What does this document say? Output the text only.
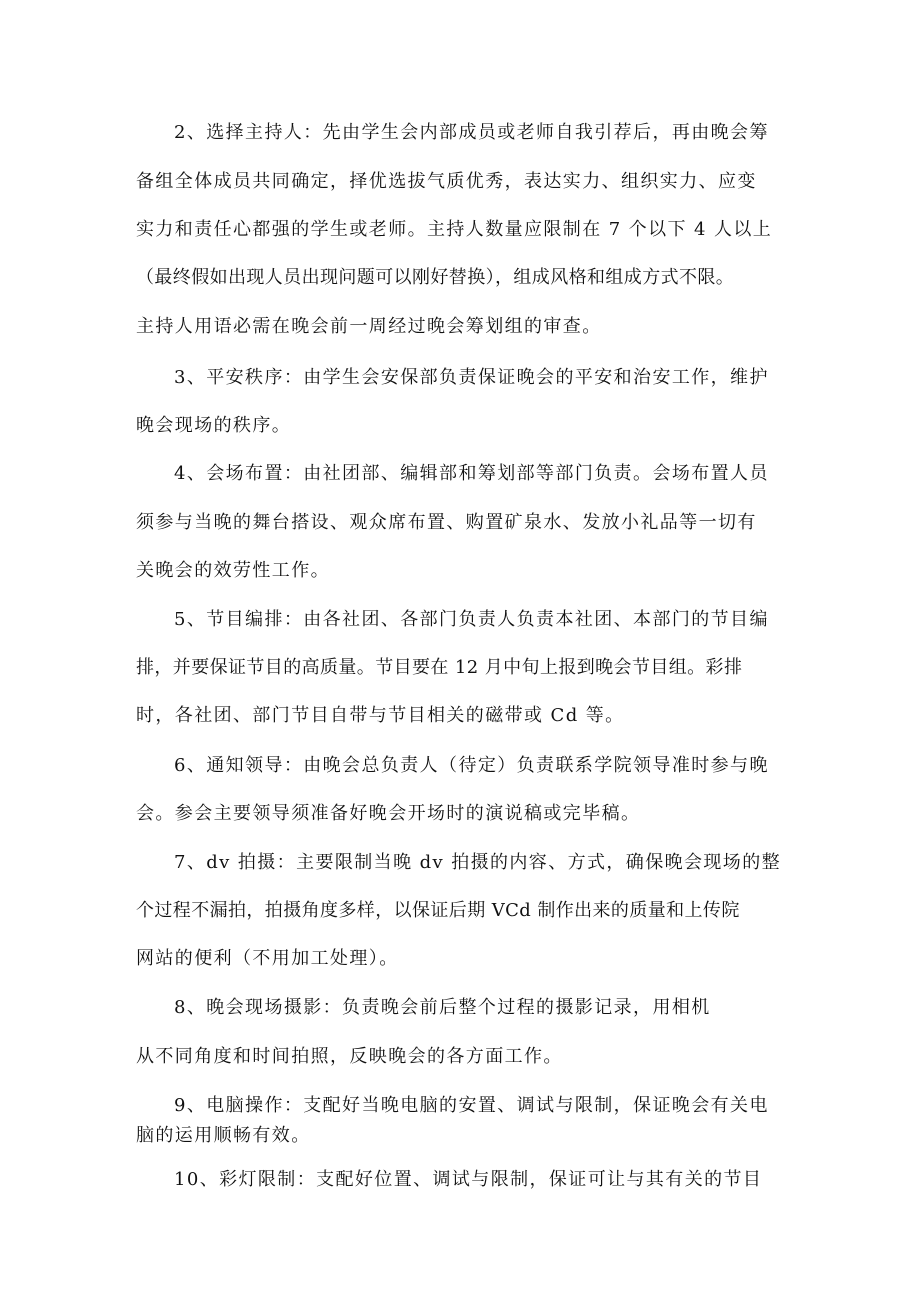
2、选择主持人：先由学生会内部成员或老师自我引荐后，再由晚会筹
备组全体成员共同确定，择优选拔气质优秀，表达实力、组织实力、应变
实力和责任心都强的学生或老师。主持人数量应限制在 7 个以下 4 人以上
（最终假如出现人员出现问题可以刚好替换），组成风格和组成方式不限。
主持人用语必需在晚会前一周经过晚会筹划组的审查。
3、平安秩序：由学生会安保部负责保证晚会的平安和治安工作，维护
晚会现场的秩序。
4、会场布置：由社团部、编辑部和筹划部等部门负责。会场布置人员
须参与当晚的舞台搭设、观众席布置、购置矿泉水、发放小礼品等一切有
关晚会的效劳性工作。
5、节目编排：由各社团、各部门负责人负责本社团、本部门的节目编
排，并要保证节目的高质量。节目要在 12 月中旬上报到晚会节目组。彩排
时，各社团、部门节目自带与节目相关的磁带或 Cd 等。
6、通知领导：由晚会总负责人（待定）负责联系学院领导准时参与晚
会。参会主要领导须准备好晚会开场时的演说稿或完毕稿。
7、dv 拍摄：主要限制当晚 dv 拍摄的内容、方式，确保晚会现场的整
个过程不漏拍，拍摄角度多样，以保证后期 VCd 制作出来的质量和上传院
网站的便利（不用加工处理）。
8、晚会现场摄影：负责晚会前后整个过程的摄影记录，用相机
从不同角度和时间拍照，反映晚会的各方面工作。
9、电脑操作：支配好当晚电脑的安置、调试与限制，保证晚会有关电
脑的运用顺畅有效。
10、彩灯限制：支配好位置、调试与限制，保证可让与其有关的节目
